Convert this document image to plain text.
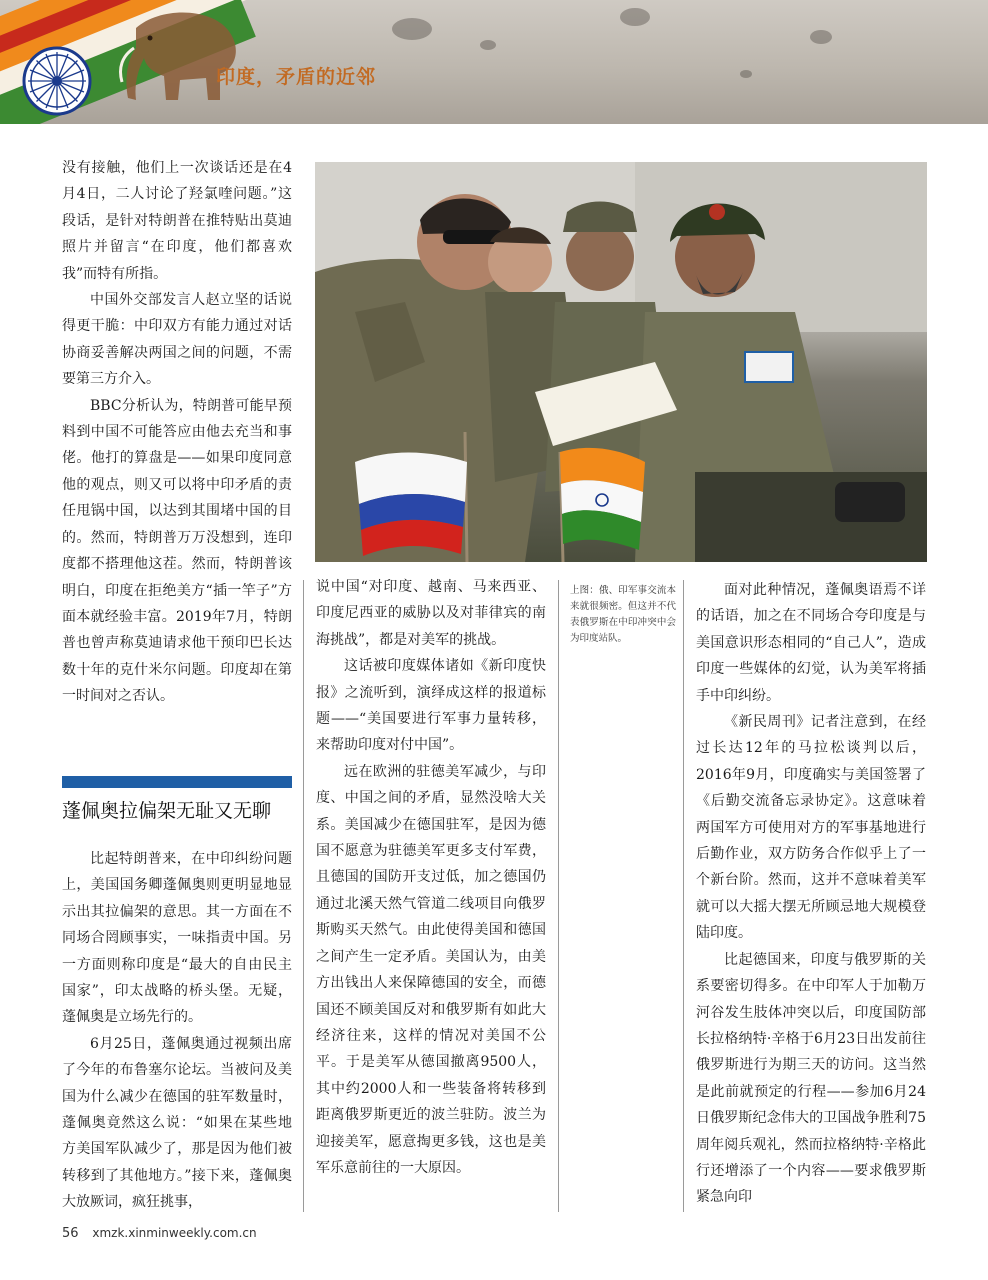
印度，矛盾的近邻

没有接触，他们上一次谈话还是在4月4日，二人讨论了羟氯喹问题。”这段话，是针对特朗普在推特贴出莫迪照片并留言“在印度，他们都喜欢我”而特有所指。

中国外交部发言人赵立坚的话说得更干脆：中印双方有能力通过对话协商妥善解决两国之间的问题，不需要第三方介入。

BBC分析认为，特朗普可能早预料到中国不可能答应由他去充当和事佬。他打的算盘是——如果印度同意他的观点，则又可以将中印矛盾的责任甩锅中国，以达到其围堵中国的目的。然而，特朗普万万没想到，连印度都不搭理他这茬。然而，特朗普该明白，印度在拒绝美方“插一竿子”方面本就经验丰富。2019年7月，特朗普也曾声称莫迪请求他干预印巴长达数十年的克什米尔问题。印度却在第一时间对之否认。

蓬佩奥拉偏架无耻又无聊

比起特朗普来，在中印纠纷问题上，美国国务卿蓬佩奥则更明显地显示出其拉偏架的意思。其一方面在不同场合罔顾事实，一味指责中国。另一方面则称印度是“最大的自由民主国家”，印太战略的桥头堡。无疑，蓬佩奥是立场先行的。

6月25日，蓬佩奥通过视频出席了今年的布鲁塞尔论坛。当被问及美国为什么减少在德国的驻军数量时，蓬佩奥竟然这么说：“如果在某些地方美国军队减少了，那是因为他们被转移到了其他地方。”接下来，蓬佩奥大放厥词，疯狂挑事，

说中国“对印度、越南、马来西亚、印度尼西亚的威胁以及对菲律宾的南海挑战”，都是对美军的挑战。

这话被印度媒体诸如《新印度快报》之流听到，演绎成这样的报道标题——“美国要进行军事力量转移，来帮助印度对付中国”。

远在欧洲的驻德美军减少，与印度、中国之间的矛盾，显然没啥大关系。美国减少在德国驻军，是因为德国不愿意为驻德美军更多支付军费，且德国的国防开支过低，加之德国仍通过北溪天然气管道二线项目向俄罗斯购买天然气。由此使得美国和德国之间产生一定矛盾。美国认为，由美方出钱出人来保障德国的安全，而德国还不顾美国反对和俄罗斯有如此大经济往来，这样的情况对美国不公平。于是美军从德国撤离9500人，其中约2000人和一些装备将转移到距离俄罗斯更近的波兰驻防。波兰为迎接美军，愿意掏更多钱，这也是美军乐意前往的一大原因。

上图：俄、印军事交流本来就很频密。但这并不代表俄罗斯在中印冲突中会为印度站队。

面对此种情况，蓬佩奥语焉不详的话语，加之在不同场合夸印度是与美国意识形态相同的“自己人”，造成印度一些媒体的幻觉，认为美军将插手中印纠纷。

《新民周刊》记者注意到，在经过长达12年的马拉松谈判以后，2016年9月，印度确实与美国签署了《后勤交流备忘录协定》。这意味着两国军方可使用对方的军事基地进行后勤作业，双方防务合作似乎上了一个新台阶。然而，这并不意味着美军就可以大摇大摆无所顾忌地大规模登陆印度。

比起德国来，印度与俄罗斯的关系要密切得多。在中印军人于加勒万河谷发生肢体冲突以后，印度国防部长拉格纳特·辛格于6月23日出发前往俄罗斯进行为期三天的访问。这当然是此前就预定的行程——参加6月24日俄罗斯纪念伟大的卫国战争胜利75周年阅兵观礼，然而拉格纳特·辛格此行还增添了一个内容——要求俄罗斯紧急向印

56 xmzk.xinminweekly.com.cn
